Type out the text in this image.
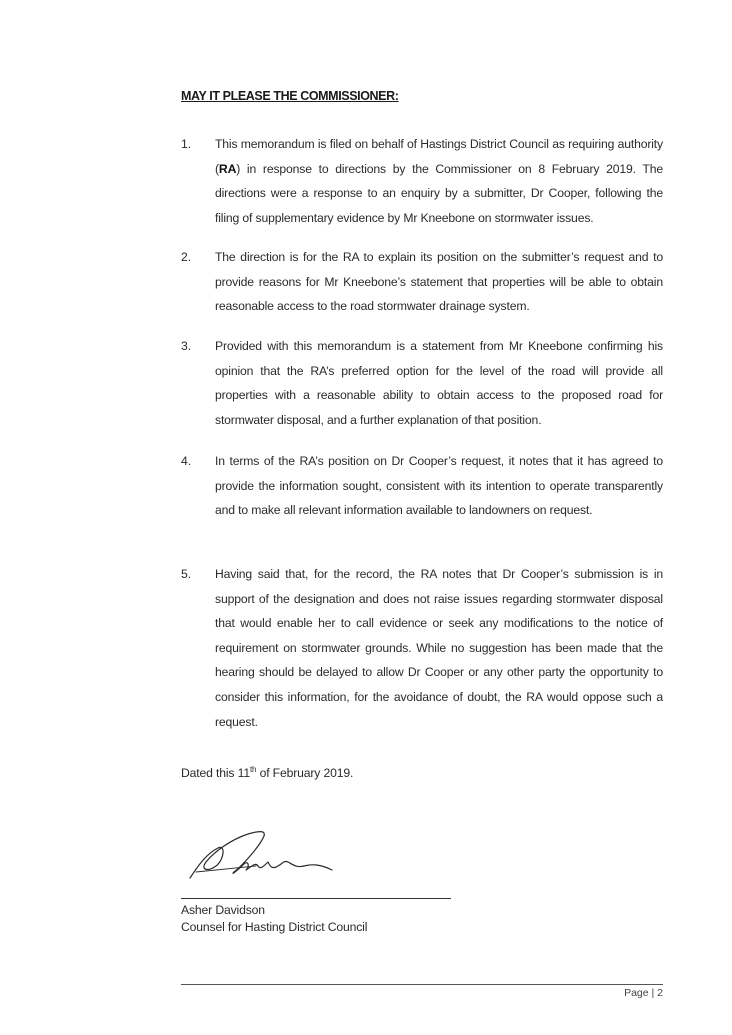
MAY IT PLEASE THE COMMISSIONER:
1.	This memorandum is filed on behalf of Hastings District Council as requiring authority (RA) in response to directions by the Commissioner on 8 February 2019. The directions were a response to an enquiry by a submitter, Dr Cooper, following the filing of supplementary evidence by Mr Kneebone on stormwater issues.
2.	The direction is for the RA to explain its position on the submitter’s request and to provide reasons for Mr Kneebone’s statement that properties will be able to obtain reasonable access to the road stormwater drainage system.
3.	Provided with this memorandum is a statement from Mr Kneebone confirming his opinion that the RA’s preferred option for the level of the road will provide all properties with a reasonable ability to obtain access to the proposed road for stormwater disposal, and a further explanation of that position.
4.	In terms of the RA’s position on Dr Cooper’s request, it notes that it has agreed to provide the information sought, consistent with its intention to operate transparently and to make all relevant information available to landowners on request.
5.	Having said that, for the record, the RA notes that Dr Cooper’s submission is in support of the designation and does not raise issues regarding stormwater disposal that would enable her to call evidence or seek any modifications to the notice of requirement on stormwater grounds. While no suggestion has been made that the hearing should be delayed to allow Dr Cooper or any other party the opportunity to consider this information, for the avoidance of doubt, the RA would oppose such a request.
Dated this 11th of February 2019.
Asher Davidson
Counsel for Hasting District Council
Page | 2
